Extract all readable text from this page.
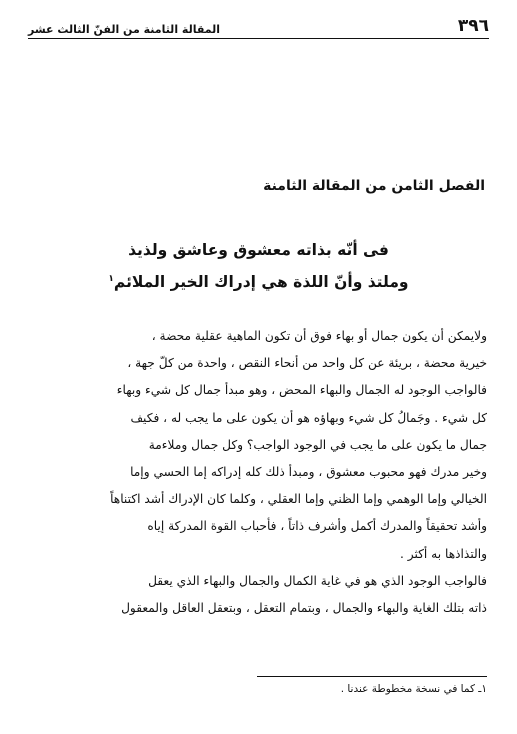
٣٩٦
المقالة الثامنة من الفنّ الثالث عشر
الفصل الثامن من المقالة الثامنة
فى أنّه بذاته معشوق وعاشق ولذيذ
وملتذ وأنّ اللذة هي إدراك الخير الملائم$^١$

ولايمكن أن يكون جمال أو بهاء فوق أن تكون الماهية عقلية محضة ،
خيرية محضة ، بريئة عن كل واحد من أنحاء النقص ، واحدة من كلّ جهة ،
فالواجب الوجود له الجمال والبهاء المحض ، وهو مبدأ جمال كل شيء وبهاء
كل شيء . وجَمالُ كل شيء وبهاؤه هو أن يكون على ما يجب له ، فكيف
جمال ما يكون على ما يجب في الوجود الواجب؟ وكل جمال وملاءمة
وخير مدرك فهو محبوب معشوق ، ومبدأ ذلك كله إدراكه إما الحسي وإما
الخيالي وإما الوهمي وإما الظني وإما العقلي ، وكلما كان الإدراك أشد اكتناهاً
وأشد تحقيقاً والمدرك أكمل وأشرف ذاتاً ، فأحباب القوة المدركة إياه
والتذاذها به أكثر .

فالواجب الوجود الذي هو في غاية الكمال والجمال والبهاء الذي يعقل
ذاته بتلك الغاية والبهاء والجمال ، وبتمام التعقل ، وبتعقل العاقل والمعقول

١ـ كما في نسخة مخطوطة عندنا .
